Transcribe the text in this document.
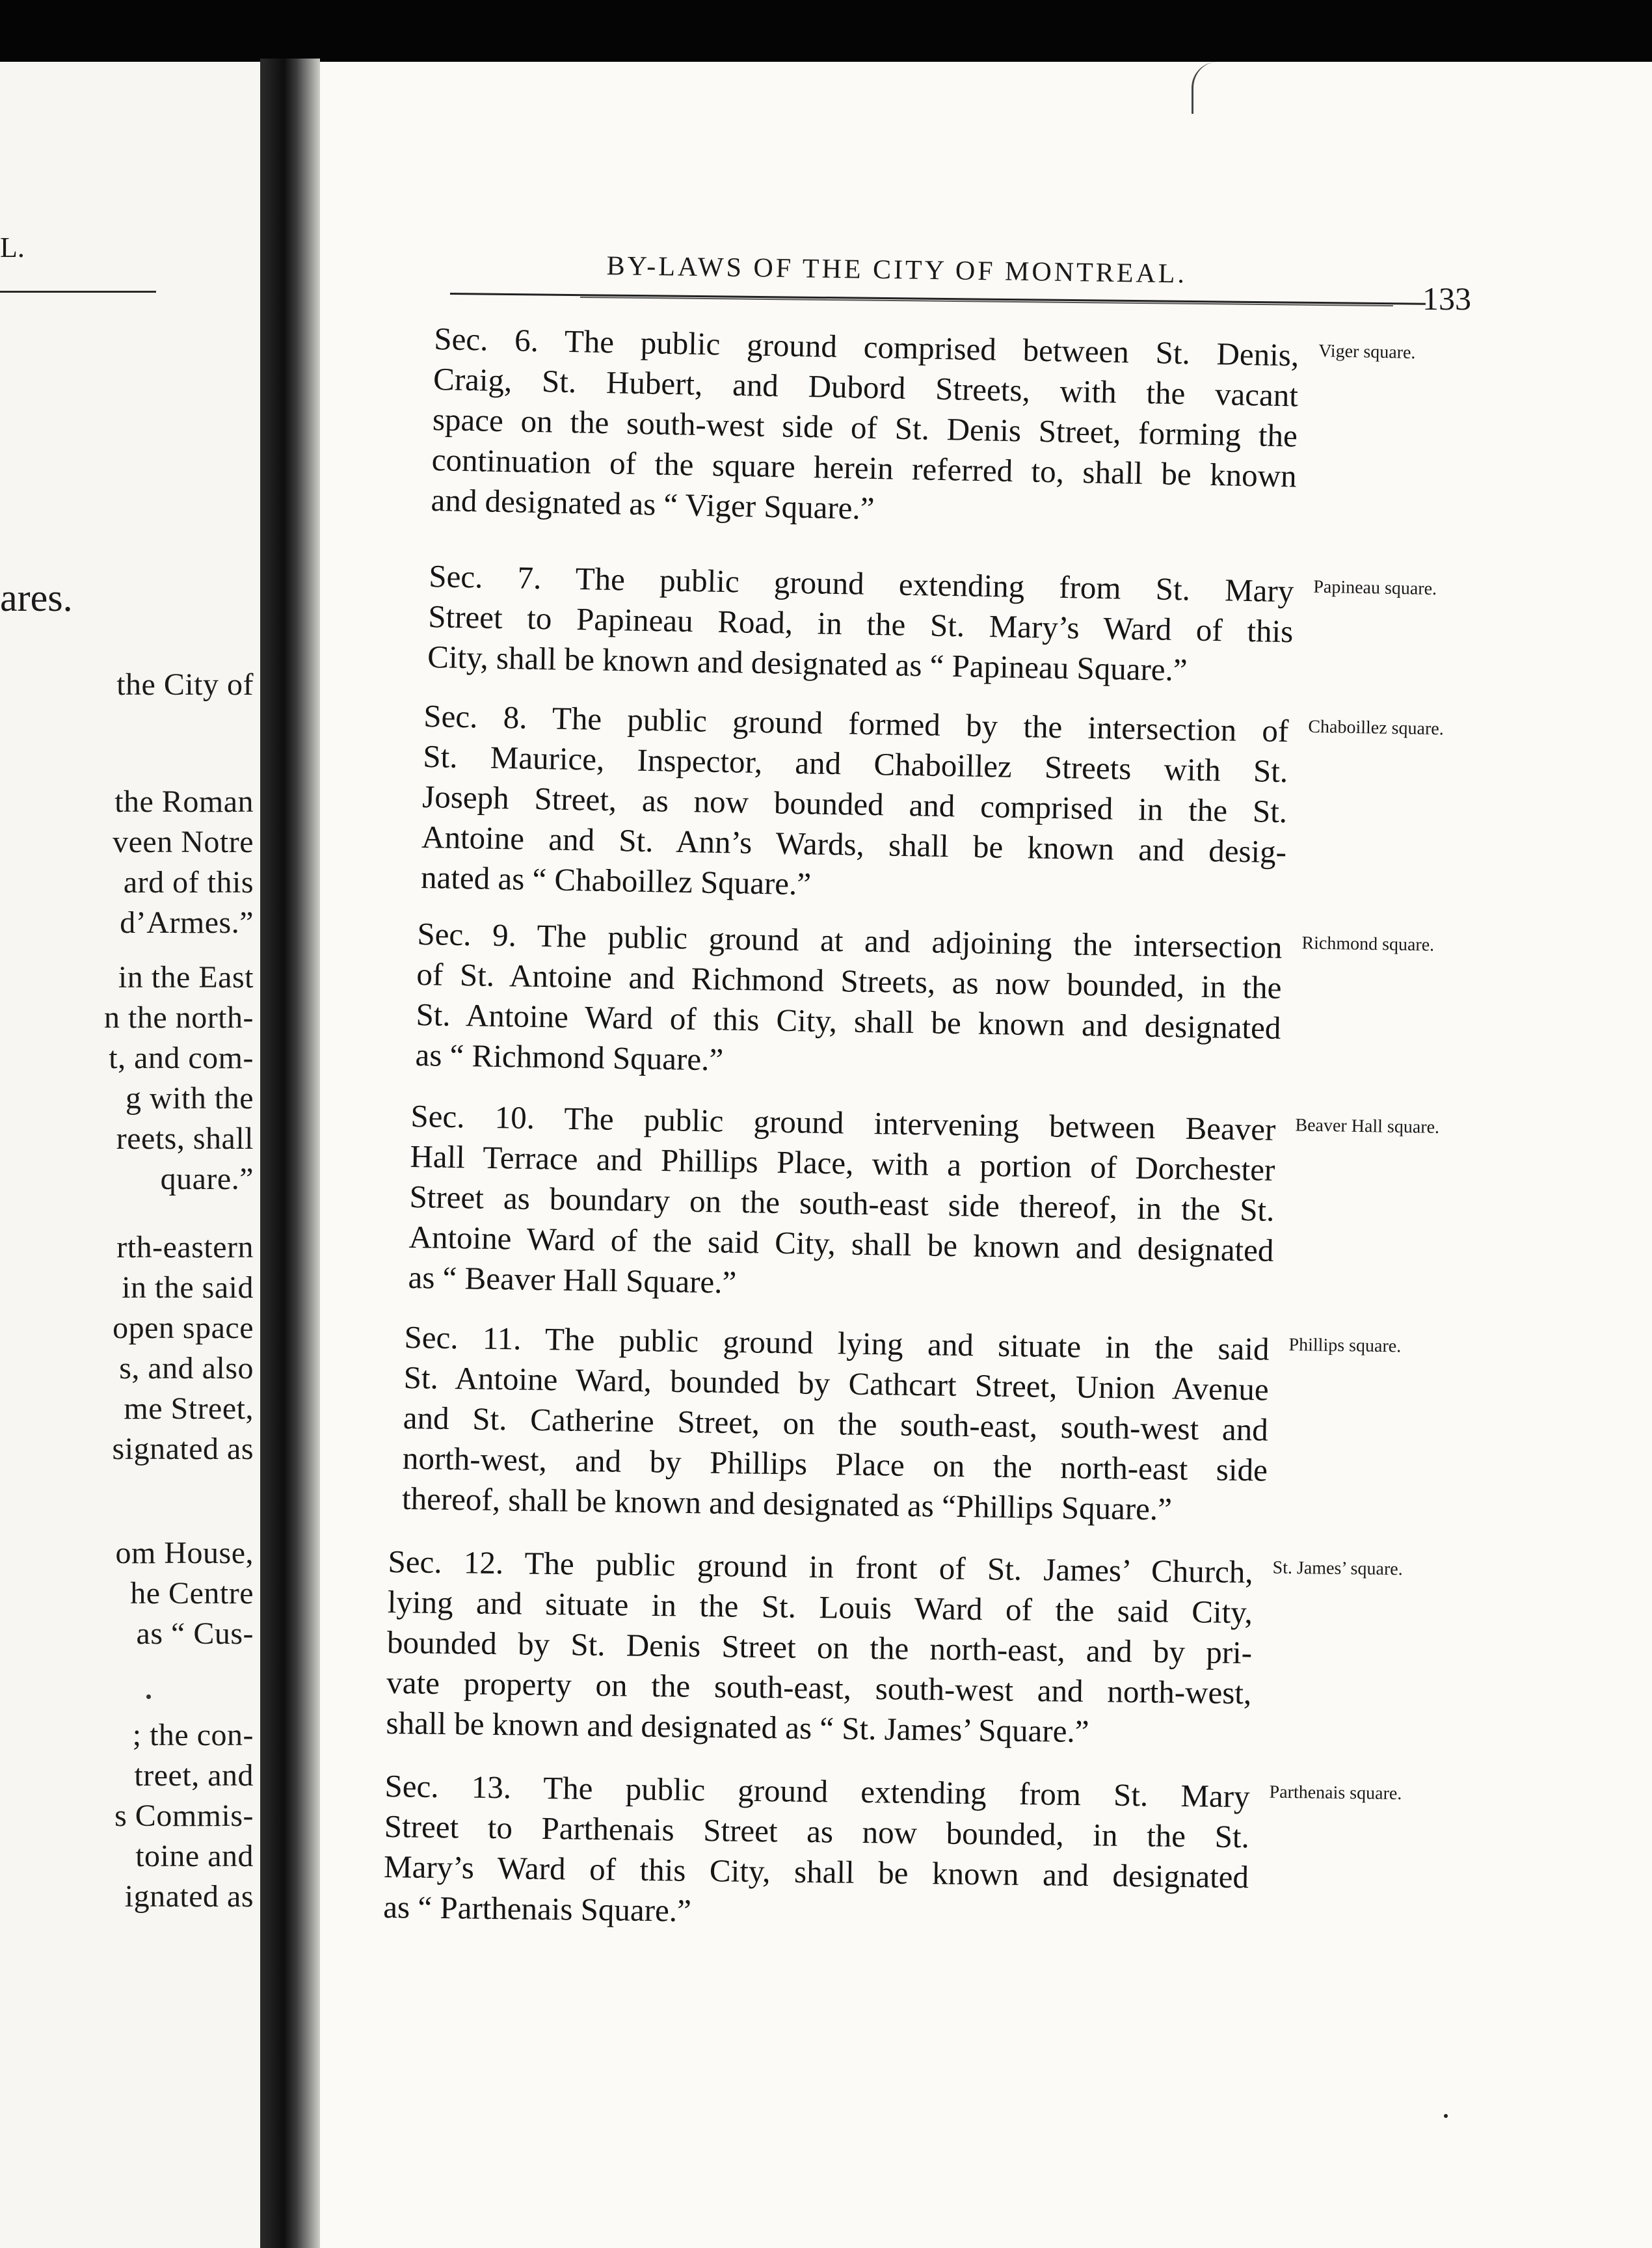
L.
ares.
the City of
the Roman
veen Notre
ard of this
d’Armes.”
in the East
n the north-
t, and com-
g with the
reets, shall
quare.”
rth-eastern
in the said
open space
s, and also
me Street,
signated as
om House,
he Centre
as “ Cus-
; the con-
treet, and
s Commis-
toine and
ignated as
BY-LAWS OF THE CITY OF MONTREAL.
133
Sec. 6. The public ground comprised between St. Denis,
Craig, St. Hubert, and Dubord Streets, with the vacant
space on the south-west side of St. Denis Street, forming the
continuation of the square herein referred to, shall be known
and designated as “ Viger Square.”
Viger square.
Sec. 7. The public ground extending from St. Mary
Street to Papineau Road, in the St. Mary’s Ward of this
City, shall be known and designated as “ Papineau Square.”
Papineau square.
Sec. 8. The public ground formed by the intersection of
St. Maurice, Inspector, and Chaboillez Streets with St.
Joseph Street, as now bounded and comprised in the St.
Antoine and St. Ann’s Wards, shall be known and desig-
nated as “ Chaboillez Square.”
Chaboillez square.
Sec. 9. The public ground at and adjoining the intersection
of St. Antoine and Richmond Streets, as now bounded, in the
St. Antoine Ward of this City, shall be known and designated
as “ Richmond Square.”
Richmond square.
Sec. 10. The public ground intervening between Beaver
Hall Terrace and Phillips Place, with a portion of Dorchester
Street as boundary on the south-east side thereof, in the St.
Antoine Ward of the said City, shall be known and designated
as “ Beaver Hall Square.”
Beaver Hall square.
Sec. 11. The public ground lying and situate in the said
St. Antoine Ward, bounded by Cathcart Street, Union Avenue
and St. Catherine Street, on the south-east, south-west and
north-west, and by Phillips Place on the north-east side
thereof, shall be known and designated as “Phillips Square.”
Phillips square.
Sec. 12. The public ground in front of St. James’ Church,
lying and situate in the St. Louis Ward of the said City,
bounded by St. Denis Street on the north-east, and by pri-
vate property on the south-east, south-west and north-west,
shall be known and designated as “ St. James’ Square.”
St. James’ square.
Sec. 13. The public ground extending from St. Mary
Street to Parthenais Street as now bounded, in the St.
Mary’s Ward of this City, shall be known and designated
as “ Parthenais Square.”
Parthenais square.
